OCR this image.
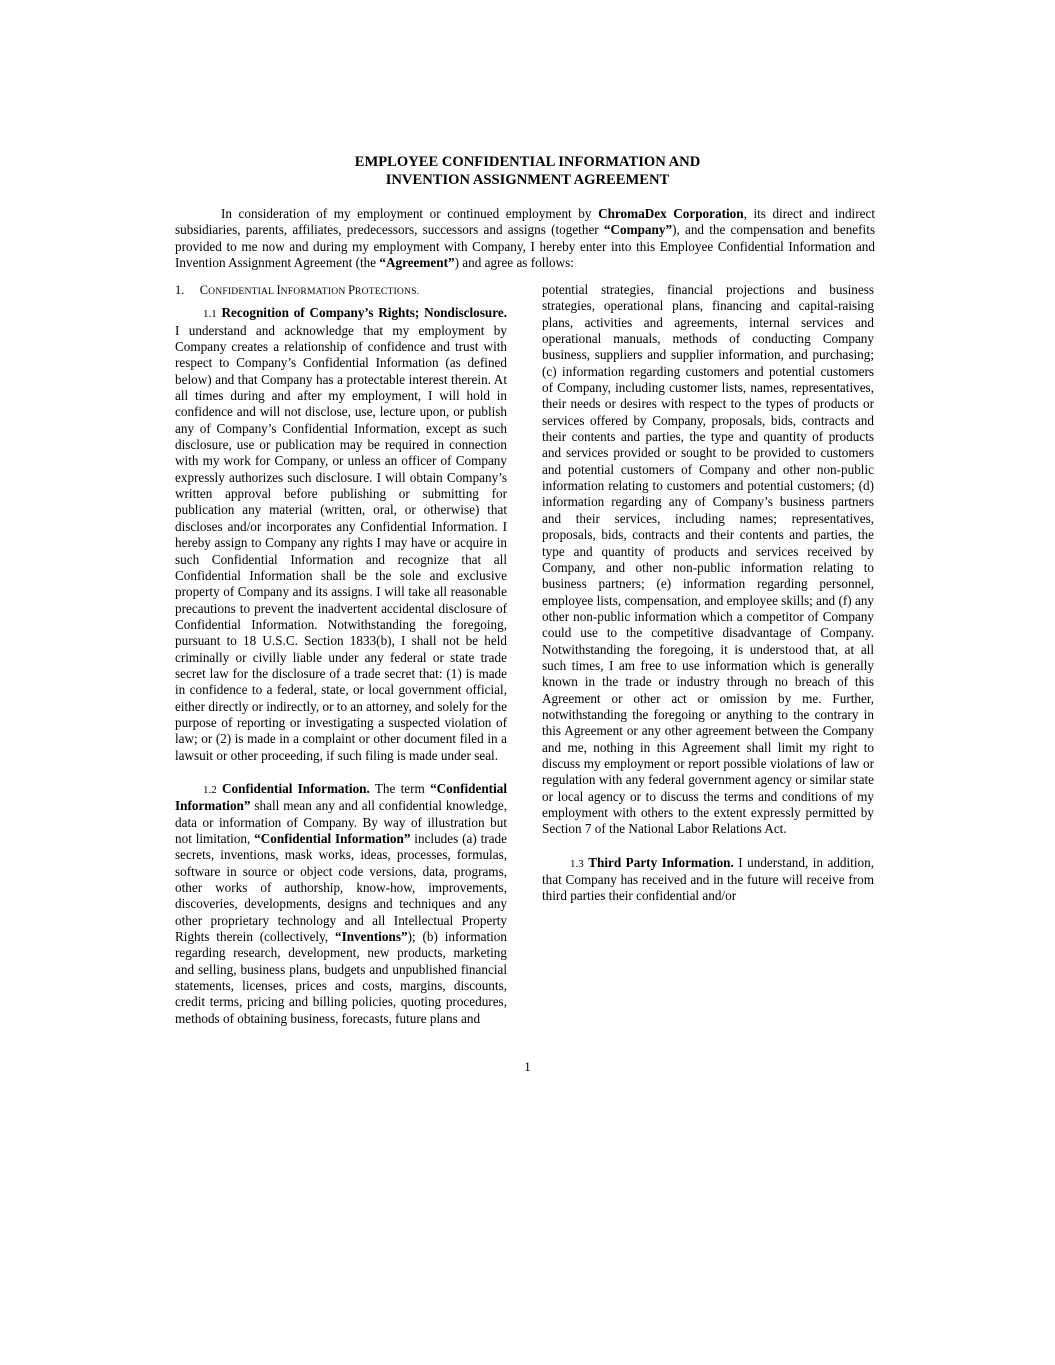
EMPLOYEE CONFIDENTIAL INFORMATION AND
INVENTION ASSIGNMENT AGREEMENT

In consideration of my employment or continued employment by ChromaDex Corporation, its direct and indirect subsidiaries, parents, affiliates, predecessors, successors and assigns (together “Company”), and the compensation and benefits provided to me now and during my employment with Company, I hereby enter into this Employee Confidential Information and Invention Assignment Agreement (the “Agreement”) and agree as follows:

1. CONFIDENTIAL INFORMATION PROTECTIONS.

1.1 Recognition of Company’s Rights; Nondisclosure. I understand and acknowledge that my employment by Company creates a relationship of confidence and trust with respect to Company’s Confidential Information (as defined below) and that Company has a protectable interest therein. At all times during and after my employment, I will hold in confidence and will not disclose, use, lecture upon, or publish any of Company’s Confidential Information, except as such disclosure, use or publication may be required in connection with my work for Company, or unless an officer of Company expressly authorizes such disclosure. I will obtain Company’s written approval before publishing or submitting for publication any material (written, oral, or otherwise) that discloses and/or incorporates any Confidential Information. I hereby assign to Company any rights I may have or acquire in such Confidential Information and recognize that all Confidential Information shall be the sole and exclusive property of Company and its assigns. I will take all reasonable precautions to prevent the inadvertent accidental disclosure of Confidential Information. Notwithstanding the foregoing, pursuant to 18 U.S.C. Section 1833(b), I shall not be held criminally or civilly liable under any federal or state trade secret law for the disclosure of a trade secret that: (1) is made in confidence to a federal, state, or local government official, either directly or indirectly, or to an attorney, and solely for the purpose of reporting or investigating a suspected violation of law; or (2) is made in a complaint or other document filed in a lawsuit or other proceeding, if such filing is made under seal.

1.2 Confidential Information. The term “Confidential Information” shall mean any and all confidential knowledge, data or information of Company. By way of illustration but not limitation, “Confidential Information” includes (a) trade secrets, inventions, mask works, ideas, processes, formulas, software in source or object code versions, data, programs, other works of authorship, know-how, improvements, discoveries, developments, designs and techniques and any other proprietary technology and all Intellectual Property Rights therein (collectively, “Inventions”); (b) information regarding research, development, new products, marketing and selling, business plans, budgets and unpublished financial statements, licenses, prices and costs, margins, discounts, credit terms, pricing and billing policies, quoting procedures, methods of obtaining business, forecasts, future plans and

potential strategies, financial projections and business strategies, operational plans, financing and capital-raising plans, activities and agreements, internal services and operational manuals, methods of conducting Company business, suppliers and supplier information, and purchasing; (c) information regarding customers and potential customers of Company, including customer lists, names, representatives, their needs or desires with respect to the types of products or services offered by Company, proposals, bids, contracts and their contents and parties, the type and quantity of products and services provided or sought to be provided to customers and potential customers of Company and other non-public information relating to customers and potential customers; (d) information regarding any of Company’s business partners and their services, including names; representatives, proposals, bids, contracts and their contents and parties, the type and quantity of products and services received by Company, and other non-public information relating to business partners; (e) information regarding personnel, employee lists, compensation, and employee skills; and (f) any other non-public information which a competitor of Company could use to the competitive disadvantage of Company. Notwithstanding the foregoing, it is understood that, at all such times, I am free to use information which is generally known in the trade or industry through no breach of this Agreement or other act or omission by me. Further, notwithstanding the foregoing or anything to the contrary in this Agreement or any other agreement between the Company and me, nothing in this Agreement shall limit my right to discuss my employment or report possible violations of law or regulation with any federal government agency or similar state or local agency or to discuss the terms and conditions of my employment with others to the extent expressly permitted by Section 7 of the National Labor Relations Act.

1.3 Third Party Information. I understand, in addition, that Company has received and in the future will receive from third parties their confidential and/or

1
